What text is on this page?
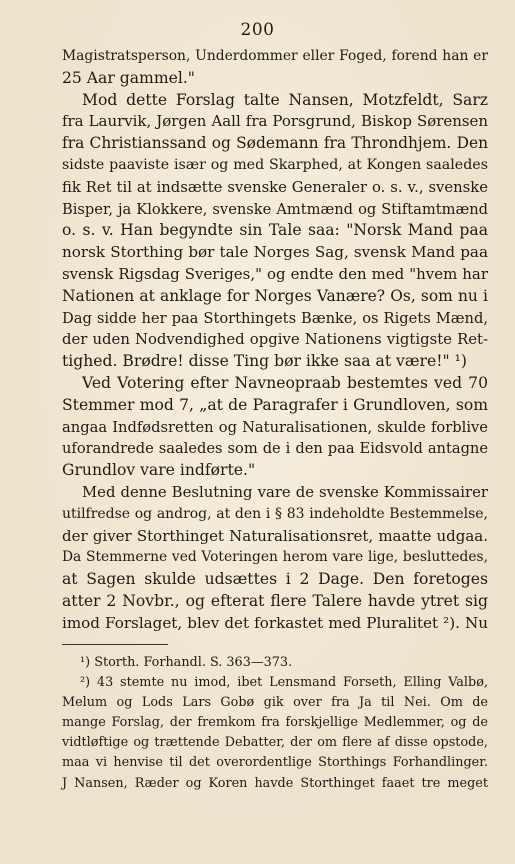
200
Magistratsperson, Underdommer eller Foged, forend han er
25 Aar gammel."
Mod dette Forslag talte Nansen, Motzfeldt, Sarz
fra Laurvik, Jørgen Aall fra Porsgrund, Biskop Sørensen
fra Christianssand og Sødemann fra Throndhjem. Den
sidste paaviste især og med Skarphed, at Kongen saaledes
fik Ret til at indsætte svenske Generaler o. s. v., svenske
Bisper, ja Klokkere, svenske Amtmænd og Stiftamtmænd
o. s. v. Han begyndte sin Tale saa: "Norsk Mand paa
norsk Storthing bør tale Norges Sag, svensk Mand paa
svensk Rigsdag Sveriges," og endte den med "hvem har
Nationen at anklage for Norges Vanære? Os, som nu i
Dag sidde her paa Storthingets Bænke, os Rigets Mænd,
der uden Nodvendighed opgive Nationens vigtigste Ret-
tighed. Brødre! disse Ting bør ikke saa at være!" ¹)
Ved Votering efter Navneopraab bestemtes ved 70
Stemmer mod 7, „at de Paragrafer i Grundloven, som
angaa Indfødsretten og Naturalisationen, skulde forblive
uforandrede saaledes som de i den paa Eidsvold antagne
Grundlov vare indførte."
Med denne Beslutning vare de svenske Kommissairer
utilfredse og androg, at den i § 83 indeholdte Bestemmelse,
der giver Storthinget Naturalisationsret, maatte udgaa.
Da Stemmerne ved Voteringen herom vare lige, besluttedes,
at Sagen skulde udsættes i 2 Dage. Den foretoges
atter 2 Novbr., og efterat flere Talere havde ytret sig
imod Forslaget, blev det forkastet med Pluralitet ²). Nu
¹) Storth. Forhandl. S. 363—373.
²) 43 stemte nu imod, ibet Lensmand Forseth, Elling Valbø,
Melum og Lods Lars Gobø gik over fra Ja til Nei. Om de
mange Forslag, der fremkom fra forskjellige Medlemmer, og de
vidtløftige og trættende Debatter, der om flere af disse opstode,
maa vi henvise til det overordentlige Storthings Forhandlinger.
J Nansen, Ræder og Koren havde Storthinget faaet tre meget
